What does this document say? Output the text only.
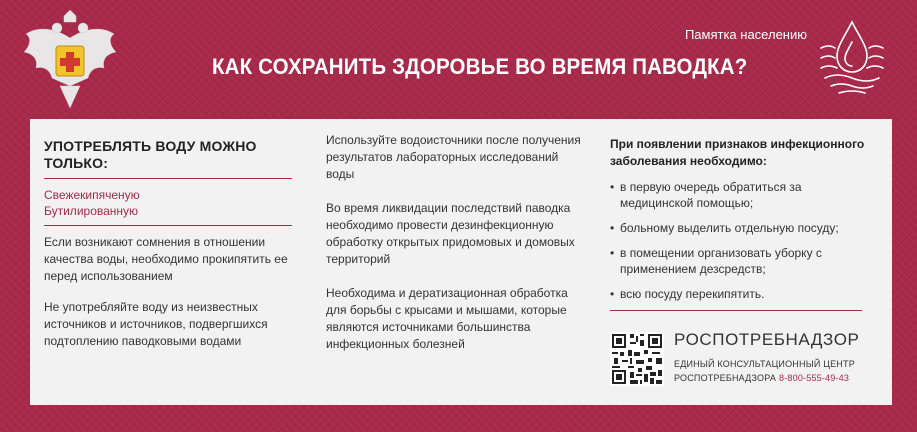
Памятка населению
КАК СОХРАНИТЬ ЗДОРОВЬЕ ВО ВРЕМЯ ПАВОДКА?
УПОТРЕБЛЯТЬ ВОДУ МОЖНО
ТОЛЬКО:
Свежекипяченую
Бутилированную
Если возникают сомнения в отношении качества воды, необходимо прокипятить ее перед использованием
Не употребляйте воду из неизвестных источников и источников, подвергшихся подтоплению паводковыми водами
Используйте водоисточники после получения результатов лабораторных исследований воды
Во время ликвидации последствий паводка необходимо провести дезинфекционную обработку открытых придомовых и домовых территорий
Необходима и дератизационная обработка для борьбы с крысами и мышами, которые являются источниками большинства инфекционных болезней
При появлении признаков инфекционного заболевания необходимо:
• в первую очередь обратиться за медицинской помощью;
• больному выделить отдельную посуду;
• в помещении организовать уборку с применением дезсредств;
• всю посуду перекипятить.
РОСПОТРЕБНАДЗОР
ЕДИНЫЙ КОНСУЛЬТАЦИОННЫЙ ЦЕНТР
РОСПОТРЕБНАДЗОРА 8-800-555-49-43
